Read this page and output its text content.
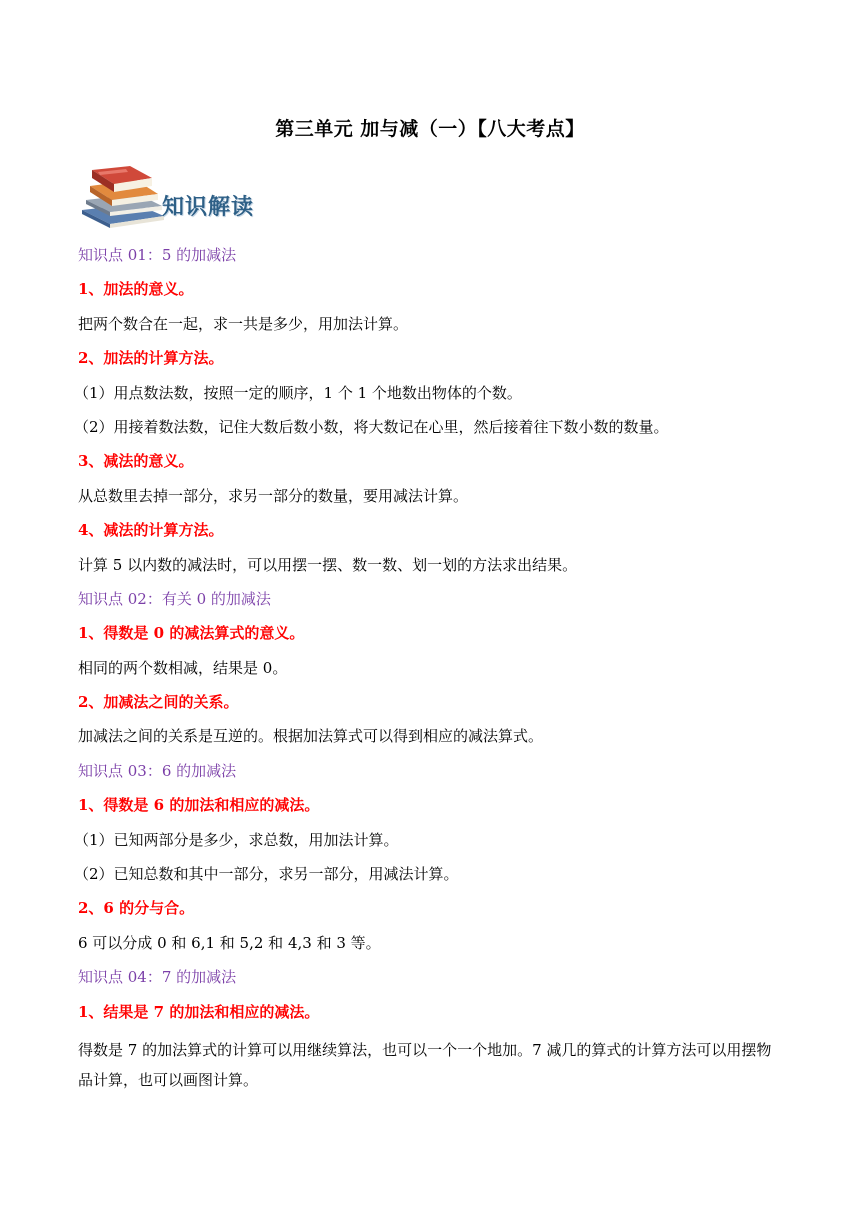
第三单元 加与减（一）【八大考点】
知识解读
知识点 01：5 的加减法
1、加法的意义。
把两个数合在一起，求一共是多少，用加法计算。
2、加法的计算方法。
（1）用点数法数，按照一定的顺序，1 个 1 个地数出物体的个数。
（2）用接着数法数，记住大数后数小数，将大数记在心里，然后接着往下数小数的数量。
3、减法的意义。
从总数里去掉一部分，求另一部分的数量，要用减法计算。
4、减法的计算方法。
计算 5 以内数的减法时，可以用摆一摆、数一数、划一划的方法求出结果。
知识点 02：有关 0 的加减法
1、得数是 0 的减法算式的意义。
相同的两个数相减，结果是 0。
2、加减法之间的关系。
加减法之间的关系是互逆的。根据加法算式可以得到相应的减法算式。
知识点 03：6 的加减法
1、得数是 6 的加法和相应的减法。
（1）已知两部分是多少，求总数，用加法计算。
（2）已知总数和其中一部分，求另一部分，用减法计算。
2、6 的分与合。
6 可以分成 0 和 6,1 和 5,2 和 4,3 和 3 等。
知识点 04：7 的加减法
1、结果是 7 的加法和相应的减法。
得数是 7 的加法算式的计算可以用继续算法，也可以一个一个地加。7 减几的算式的计算方法可以用摆物品计算，也可以画图计算。
